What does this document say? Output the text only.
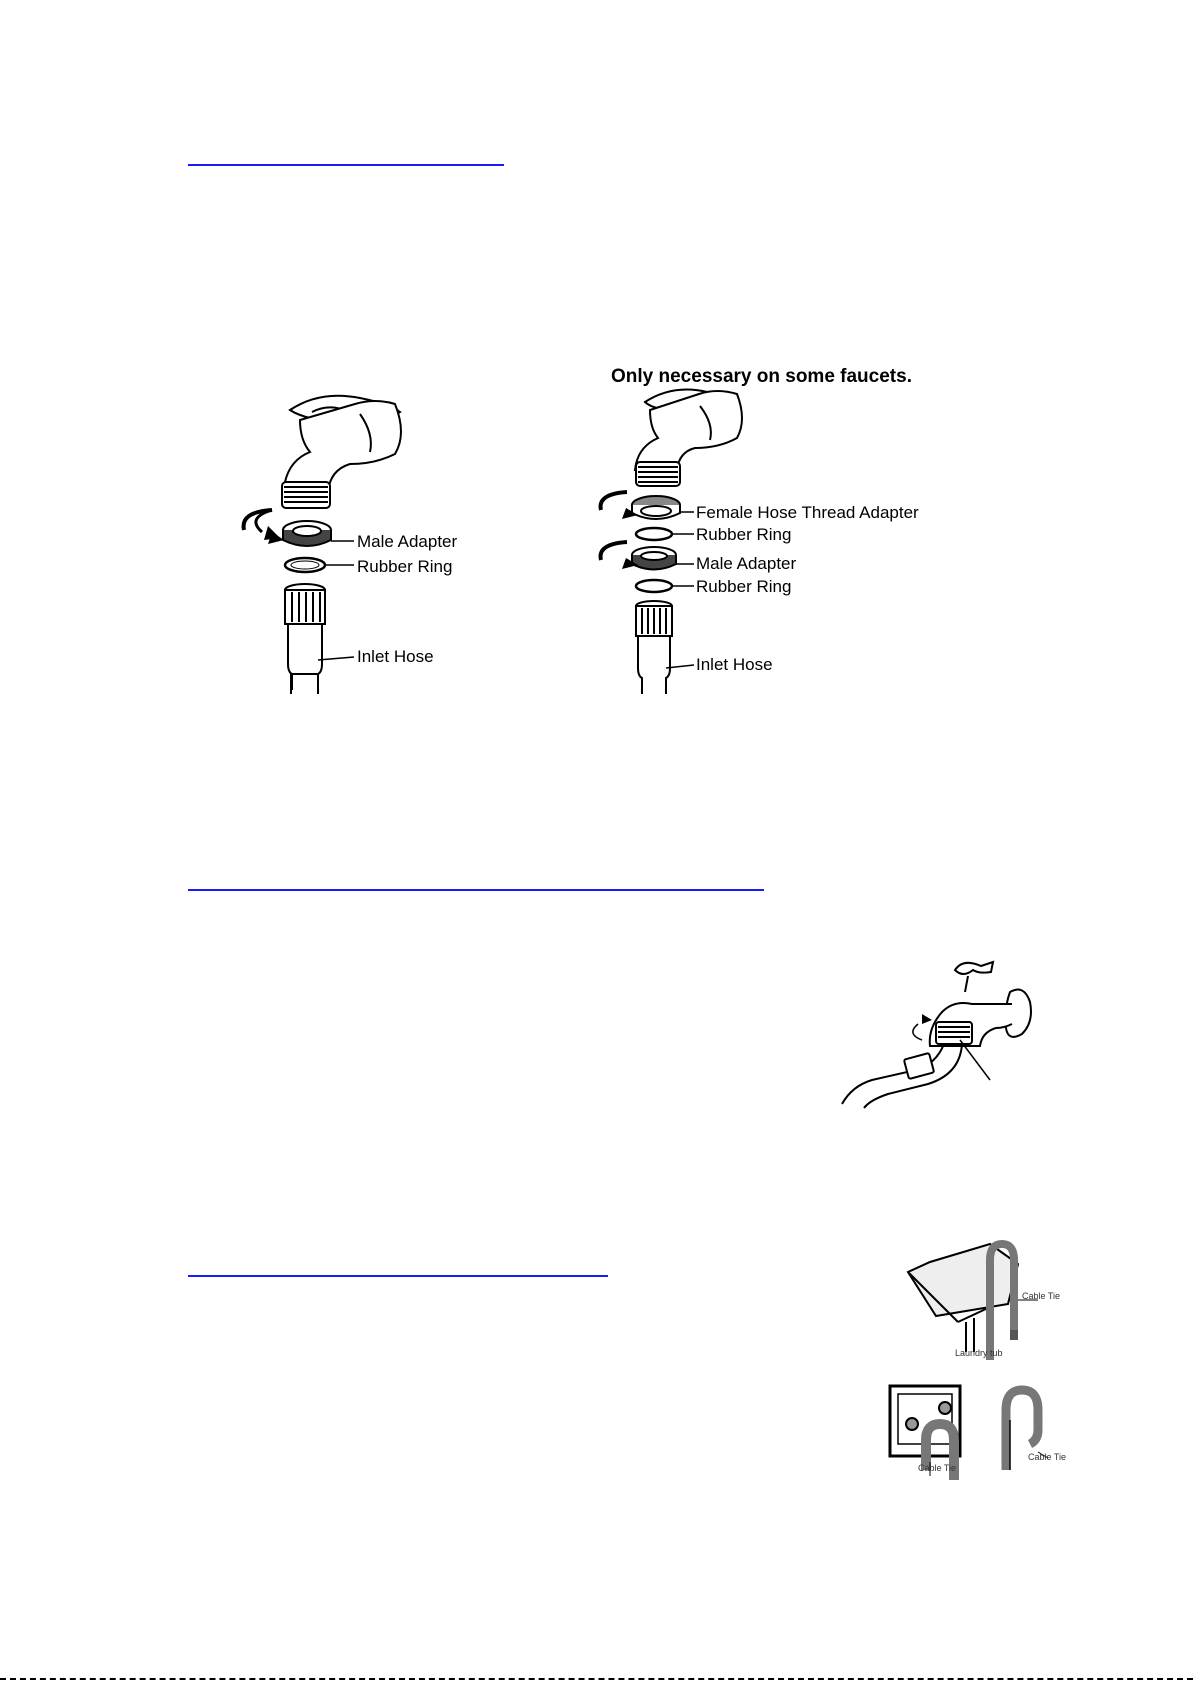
Male Adapter
Rubber Ring
Inlet Hose
Only necessary on some faucets.
Female Hose Thread Adapter
Rubber Ring
Male Adapter
Rubber Ring
Inlet Hose
Cable Tie
Laundry tub
Cable Tie
Cable Tie
